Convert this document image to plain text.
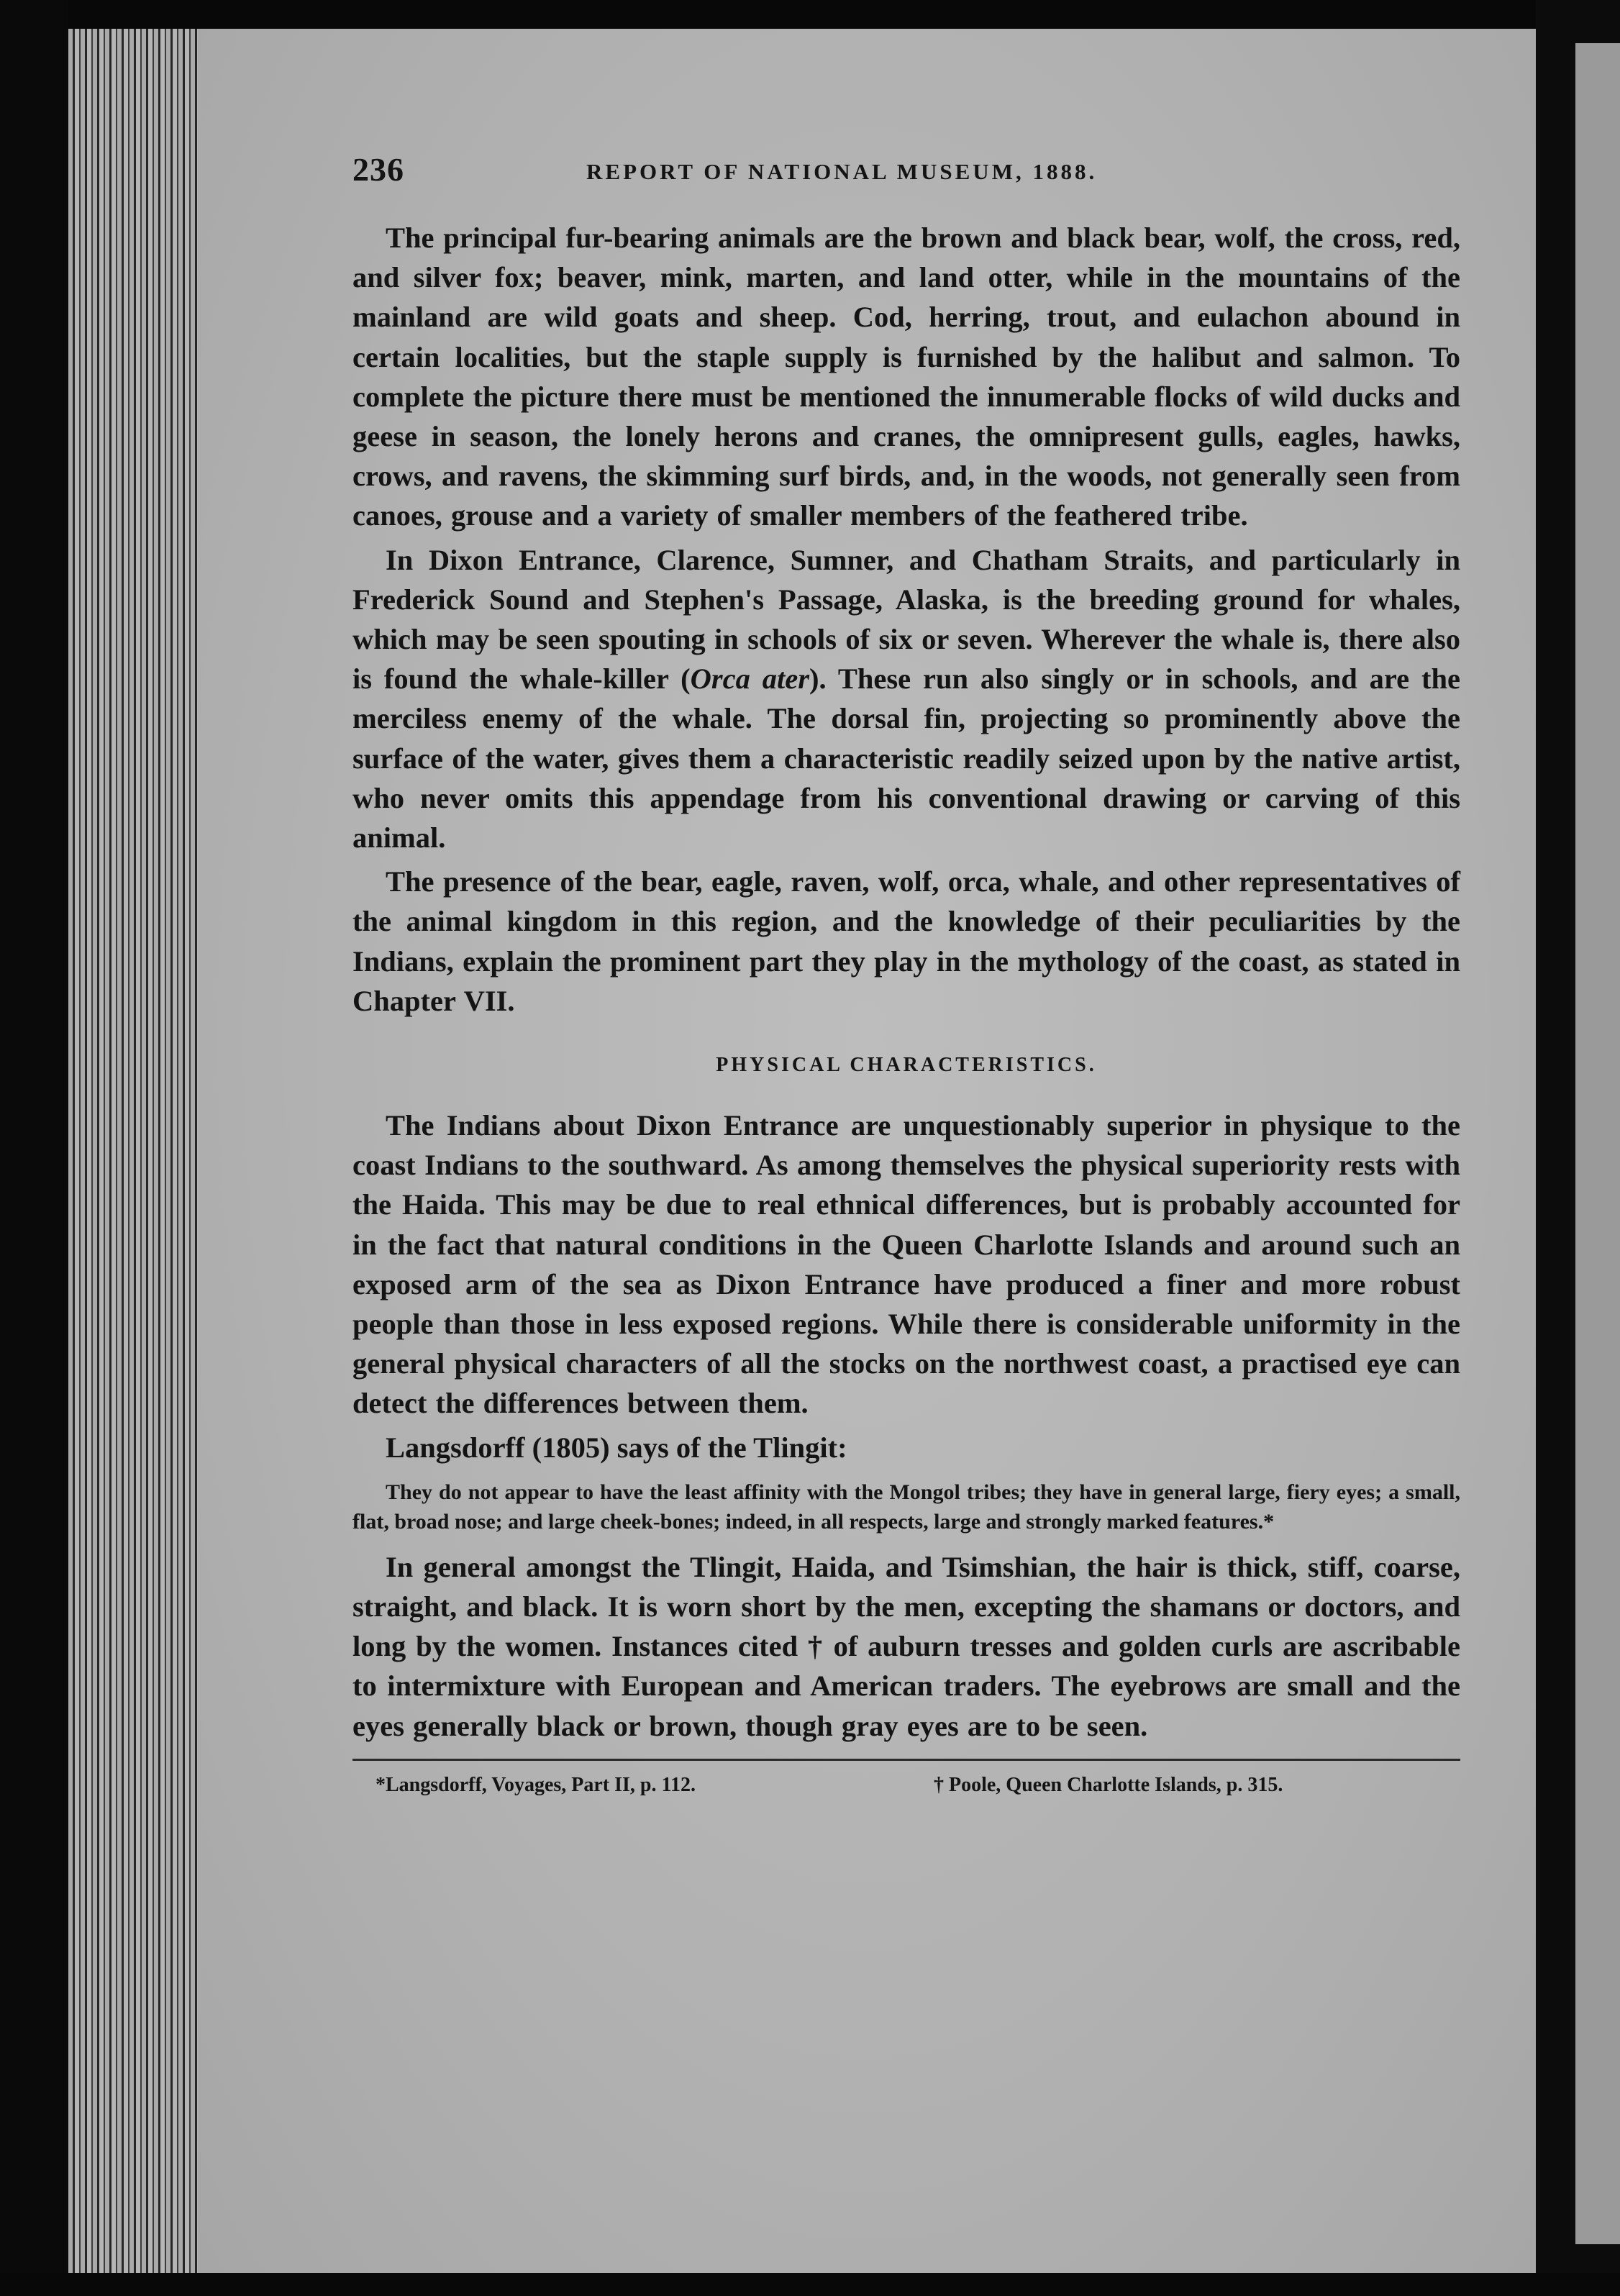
236	REPORT OF NATIONAL MUSEUM, 1888.

The principal fur-bearing animals are the brown and black bear, wolf, the cross, red, and silver fox; beaver, mink, marten, and land otter, while in the mountains of the mainland are wild goats and sheep. Cod, herring, trout, and eulachon abound in certain localities, but the staple supply is furnished by the halibut and salmon. To complete the picture there must be mentioned the innumerable flocks of wild ducks and geese in season, the lonely herons and cranes, the omnipresent gulls, eagles, hawks, crows, and ravens, the skimming surf birds, and, in the woods, not generally seen from canoes, grouse and a variety of smaller members of the feathered tribe.

In Dixon Entrance, Clarence, Sumner, and Chatham Straits, and particularly in Frederick Sound and Stephen's Passage, Alaska, is the breeding ground for whales, which may be seen spouting in schools of six or seven. Wherever the whale is, there also is found the whale-killer (Orca ater). These run also singly or in schools, and are the merciless enemy of the whale. The dorsal fin, projecting so prominently above the surface of the water, gives them a characteristic readily seized upon by the native artist, who never omits this appendage from his conventional drawing or carving of this animal.

The presence of the bear, eagle, raven, wolf, orca, whale, and other representatives of the animal kingdom in this region, and the knowledge of their peculiarities by the Indians, explain the prominent part they play in the mythology of the coast, as stated in Chapter VII.

PHYSICAL CHARACTERISTICS.

The Indians about Dixon Entrance are unquestionably superior in physique to the coast Indians to the southward. As among themselves the physical superiority rests with the Haida. This may be due to real ethnical differences, but is probably accounted for in the fact that natural conditions in the Queen Charlotte Islands and around such an exposed arm of the sea as Dixon Entrance have produced a finer and more robust people than those in less exposed regions. While there is considerable uniformity in the general physical characters of all the stocks on the northwest coast, a practised eye can detect the differences between them.

Langsdorff (1805) says of the Tlingit:

They do not appear to have the least affinity with the Mongol tribes; they have in general large, fiery eyes; a small, flat, broad nose; and large cheek-bones; indeed, in all respects, large and strongly marked features.*

In general amongst the Tlingit, Haida, and Tsimshian, the hair is thick, stiff, coarse, straight, and black. It is worn short by the men, excepting the shamans or doctors, and long by the women. Instances cited † of auburn tresses and golden curls are ascribable to intermixture with European and American traders. The eyebrows are small and the eyes generally black or brown, though gray eyes are to be seen.

*Langsdorff, Voyages, Part II, p. 112.	† Poole, Queen Charlotte Islands, p. 315.
